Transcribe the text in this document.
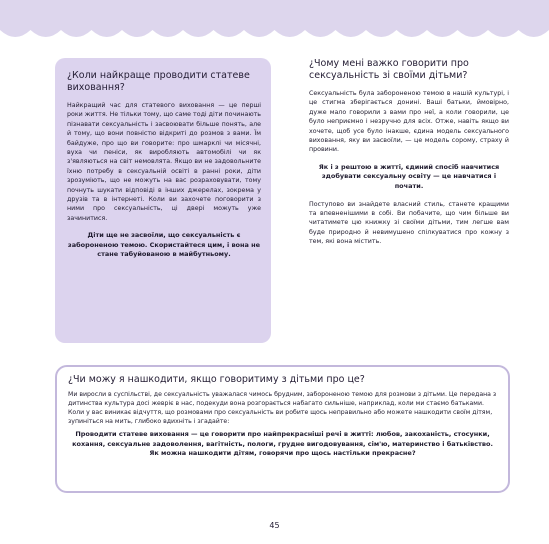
¿Коли найкраще проводити статеве виховання?

Найкращий час для статевого виховання — це перші роки життя. Не тільки тому, що саме тоді діти починають пізнавати сексуальність і засвоювати більше понять, але й тому, що вони повністю відкриті до розмов з вами. Їм байдуже, про що ви говорите: про шмарклі чи місячні, вуха чи пеніси, як виробляють автомобілі чи як з'являються на світ немовлята. Якщо ви не задовольните їхню потребу в сексуальній освіті в ранні роки, діти зрозуміють, що не можуть на вас розраховувати, тому почнуть шукати відповіді в інших джерелах, зокрема у друзів та в інтернеті. Коли ви захочете поговорити з ними про сексуальність, ці двері можуть уже зачинитися.

Діти ще не засвоїли, що сексуальність є забороненою темою. Скористайтеся цим, і вона не стане табуйованою в майбутньому.

¿Чому мені важко говорити про сексуальність зі своїми дітьми?

Сексуальність була забороненою темою в нашій культурі, і це стигма зберігається донині. Ваші батьки, ймовірно, дуже мало говорили з вами про неї, а коли говорили, це було неприємно і незручно для всіх. Отже, навіть якщо ви хочете, щоб усе було інакше, єдина модель сексуального виховання, яку ви засвоїли, — це модель сорому, страху й провини.

Як і з рештою в житті, єдиний спосіб навчитися здобувати сексуальну освіту — це навчатися і почати.

Поступово ви знайдете власний стиль, станете кращими та впевненішими в собі. Ви побачите, що чим більше ви читатимете цю книжку зі своїми дітьми, тим легше вам буде природно й невимушено спілкуватися про кожну з тем, які вона містить.

¿Чи можу я нашкодити, якщо говоритиму з дітьми про це?

Ми виросли в суспільстві, де сексуальність уважалася чимось брудним, забороненою темою для розмови з дітьми. Це передана з дитинства культура досі жевріє в нас, подекуди вона розгорається набагато сильніше, наприклад, коли ми стаємо батьками. Коли у вас виникає відчуття, що розмовами про сексуальність ви робите щось неправильно або можете нашкодити своїм дітям, зупиніться на мить, глибоко вдихніть і згадайте:

Проводити статеве виховання — це говорити про найпрекрасніші речі в житті: любов, закоханість, стосунки, кохання, сексуальне задоволення, вагітність, пологи, грудне вигодовування, сім'ю, материнство і батьківство. Як можна нашкодити дітям, говорячи про щось настільки прекрасне?

45
